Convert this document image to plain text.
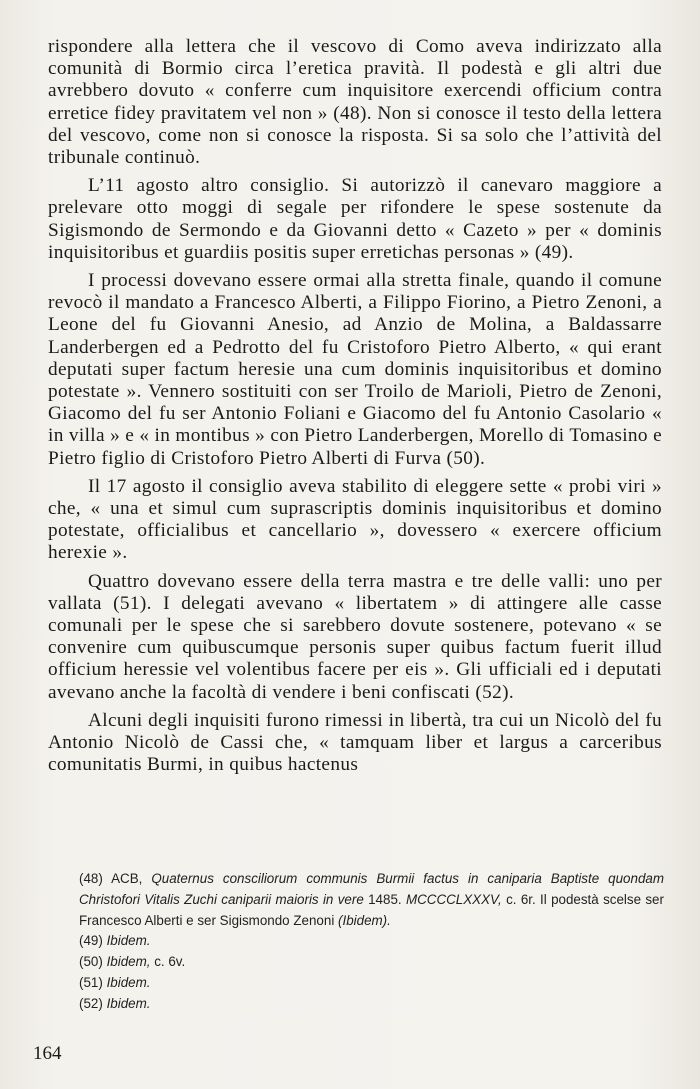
rispondere alla lettera che il vescovo di Como aveva indirizzato alla comunità di Bormio circa l’eretica pravità. Il podestà e gli altri due avrebbero dovuto « conferre cum inquisitore exercendi officium contra erretice fidey pravitatem vel non » (48). Non si conosce il testo della lettera del vescovo, come non si conosce la risposta. Si sa solo che l’attività del tribunale continuò.

L’11 agosto altro consiglio. Si autorizzò il canevaro maggiore a prelevare otto moggi di segale per rifondere le spese sostenute da Sigismondo de Sermondo e da Giovanni detto « Cazeto » per « dominis inquisitoribus et guardiis positis super erretichas personas » (49).

I processi dovevano essere ormai alla stretta finale, quando il comune revocò il mandato a Francesco Alberti, a Filippo Fiorino, a Pietro Zenoni, a Leone del fu Giovanni Anesio, ad Anzio de Molina, a Baldassarre Landerbergen ed a Pedrotto del fu Cristoforo Pietro Alberto, « qui erant deputati super factum heresie una cum dominis inquisitoribus et domino potestate ». Vennero sostituiti con ser Troilo de Marioli, Pietro de Zenoni, Giacomo del fu ser Antonio Foliani e Giacomo del fu Antonio Casolario « in villa » e « in montibus » con Pietro Landerbergen, Morello di Tomasino e Pietro figlio di Cristoforo Pietro Alberti di Furva (50).

Il 17 agosto il consiglio aveva stabilito di eleggere sette « probi viri » che, « una et simul cum suprascriptis dominis inquisitoribus et domino potestate, officialibus et cancellario », dovessero « exercere officium herexie ».

Quattro dovevano essere della terra mastra e tre delle valli: uno per vallata (51). I delegati avevano « libertatem » di attingere alle casse comunali per le spese che si sarebbero dovute sostenere, potevano « se convenire cum quibuscumque personis super quibus factum fuerit illud officium heressie vel volentibus facere per eis ». Gli ufficiali ed i deputati avevano anche la facoltà di vendere i beni confiscati (52).

Alcuni degli inquisiti furono rimessi in libertà, tra cui un Nicolò del fu Antonio Nicolò de Cassi che, « tamquam liber et largus a carceribus comunitatis Burmi, in quibus hactenus

(48) ACB, Quaternus consciliorum communis Burmii factus in caniparia Baptiste quondam Christofori Vitalis Zuchi caniparii maioris in vere 1485. MCCCCLXXXV, c. 6r. Il podestà scelse ser Francesco Alberti e ser Sigismondo Zenoni (Ibidem).

(49) Ibidem.

(50) Ibidem, c. 6v.

(51) Ibidem.

(52) Ibidem.

164
